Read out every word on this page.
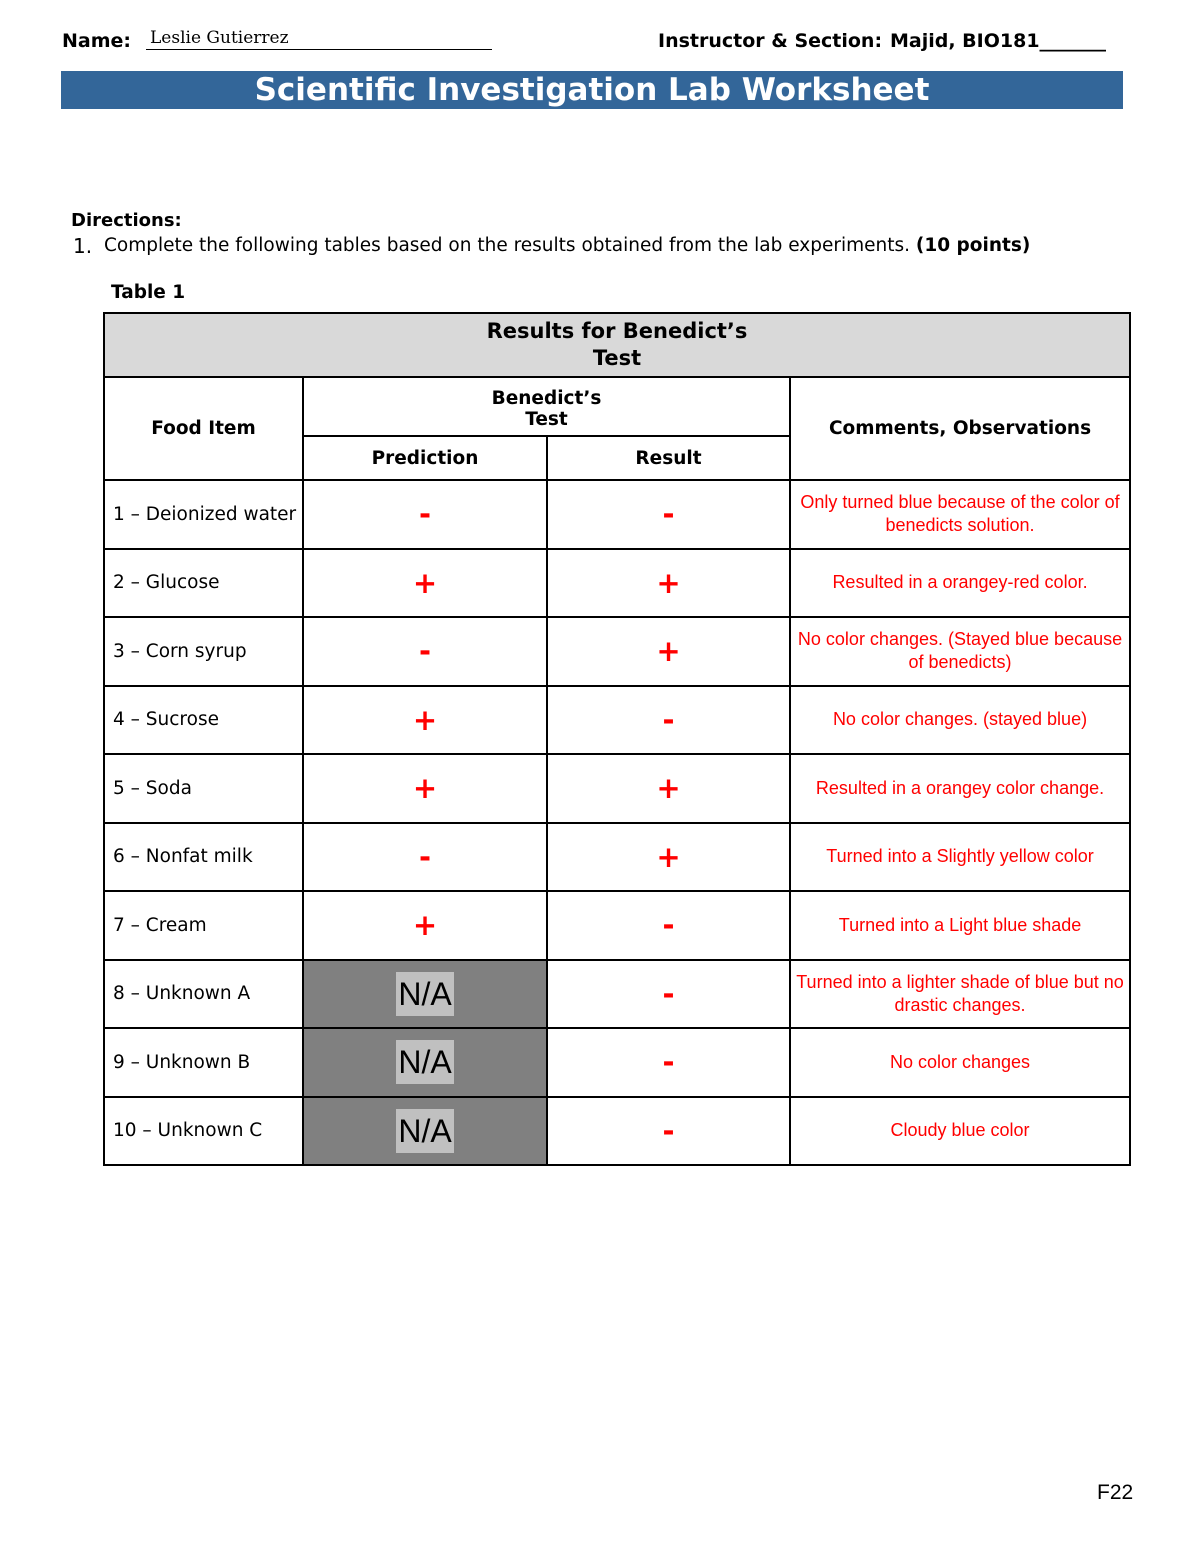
Name: Leslie Gutierrez	Instructor & Section: Majid, BIO181_______
Scientific Investigation Lab Worksheet
Directions:
1. Complete the following tables based on the results obtained from the lab experiments. (10 points)
Table 1
Results for Benedict’s
Test			

Food Item	Benedict’s
Test		Comments, Observations
	Prediction	Result	
1 – Deionized water	-	-	Only turned blue because of the color of benedicts solution.
2 – Glucose	+	+	Resulted in a orangey-red color.
3 – Corn syrup	-	+	No color changes. (Stayed blue because of benedicts)
4 – Sucrose	+	-	No color changes. (stayed blue)
5 – Soda	+	+	Resulted in a orangey color change.
6 – Nonfat milk	-	+	Turned into a Slightly yellow color
7 – Cream	+	-	Turned into a Light blue shade
8 – Unknown A	N/A	-	Turned into a lighter shade of blue but no drastic changes.
9 – Unknown B	N/A	-	No color changes
10 – Unknown C	N/A	-	Cloudy blue color
F22
